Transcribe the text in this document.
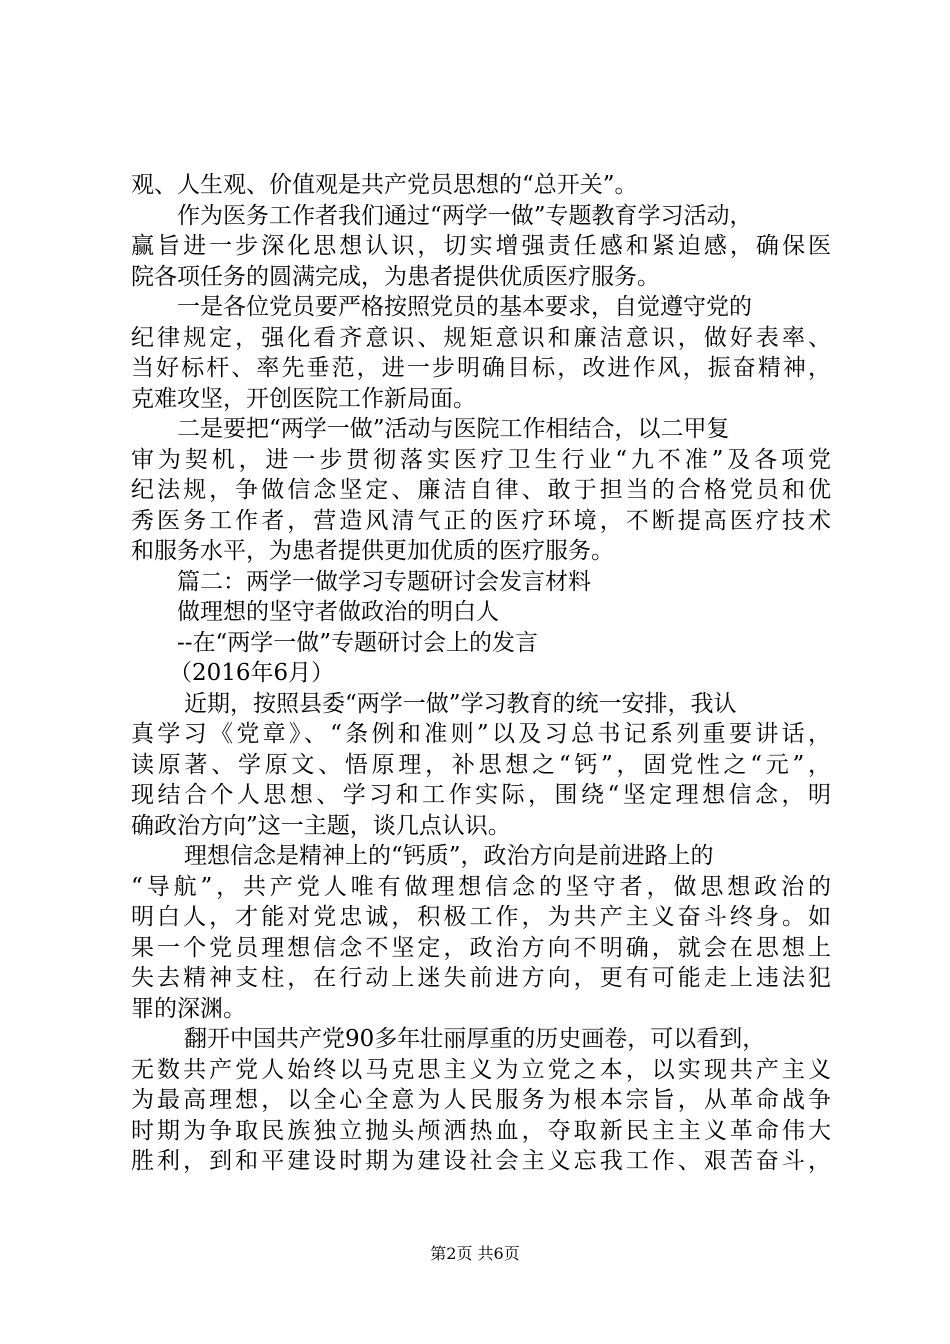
观、人生观、价值观是共产党员思想的“总开关”。
作为医务工作者我们通过“两学一做”专题教育学习活动，
赢旨进一步深化思想认识，切实增强责任感和紧迫感，确保医
院各项任务的圆满完成，为患者提供优质医疗服务。
一是各位党员要严格按照党员的基本要求，自觉遵守党的
纪律规定，强化看齐意识、规矩意识和廉洁意识，做好表率、
当好标杆、率先垂范，进一步明确目标，改进作风，振奋精神，
克难攻坚，开创医院工作新局面。
二是要把“两学一做”活动与医院工作相结合，以二甲复
审为契机，进一步贯彻落实医疗卫生行业“九不准”及各项党
纪法规，争做信念坚定、廉洁自律、敢于担当的合格党员和优
秀医务工作者，营造风清气正的医疗环境，不断提高医疗技术
和服务水平，为患者提供更加优质的医疗服务。
篇二：两学一做学习专题研讨会发言材料
做理想的坚守者做政治的明白人
--在“两学一做”专题研讨会上的发言
（2016年6月）
近期，按照县委“两学一做”学习教育的统一安排，我认
真学习《党章》、“条例和准则”以及习总书记系列重要讲话，
读原著、学原文、悟原理，补思想之“钙”，固党性之“元”，
现结合个人思想、学习和工作实际，围绕“坚定理想信念，明
确政治方向”这一主题，谈几点认识。
理想信念是精神上的“钙质”，政治方向是前进路上的
“导航”，共产党人唯有做理想信念的坚守者，做思想政治的
明白人，才能对党忠诚，积极工作，为共产主义奋斗终身。如
果一个党员理想信念不坚定，政治方向不明确，就会在思想上
失去精神支柱，在行动上迷失前进方向，更有可能走上违法犯
罪的深渊。
翻开中国共产党90多年壮丽厚重的历史画卷，可以看到，
无数共产党人始终以马克思主义为立党之本，以实现共产主义
为最高理想，以全心全意为人民服务为根本宗旨，从革命战争
时期为争取民族独立抛头颅洒热血，夺取新民主主义革命伟大
胜利，到和平建设时期为建设社会主义忘我工作、艰苦奋斗，
第2页 共6页
